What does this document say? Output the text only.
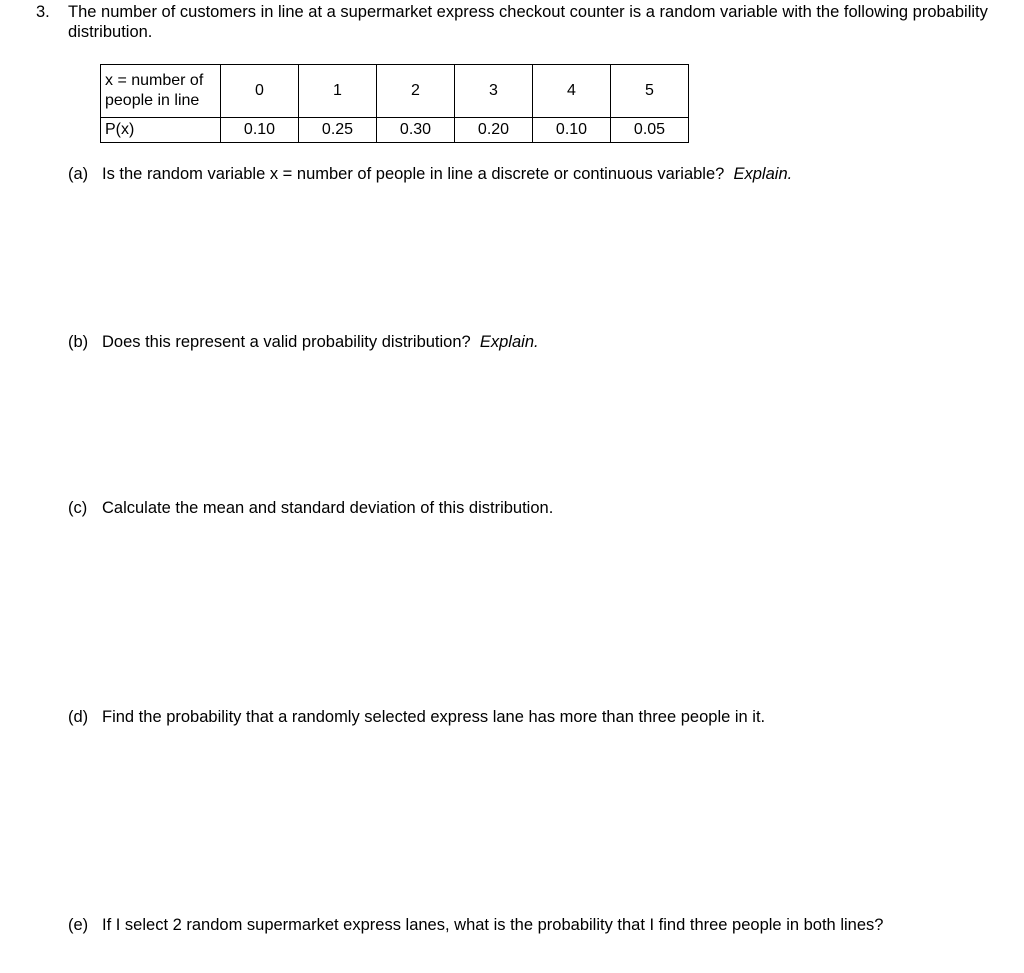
3. The number of customers in line at a supermarket express checkout counter is a random variable with the following probability distribution.
x = number of people in line	0	1	2	3	4	5
P(x)	0.10	0.25	0.30	0.20	0.10	0.05
(a) Is the random variable x = number of people in line a discrete or continuous variable? Explain.
(b) Does this represent a valid probability distribution? Explain.
(c) Calculate the mean and standard deviation of this distribution.
(d) Find the probability that a randomly selected express lane has more than three people in it.
(e) If I select 2 random supermarket express lanes, what is the probability that I find three people in both lines?
